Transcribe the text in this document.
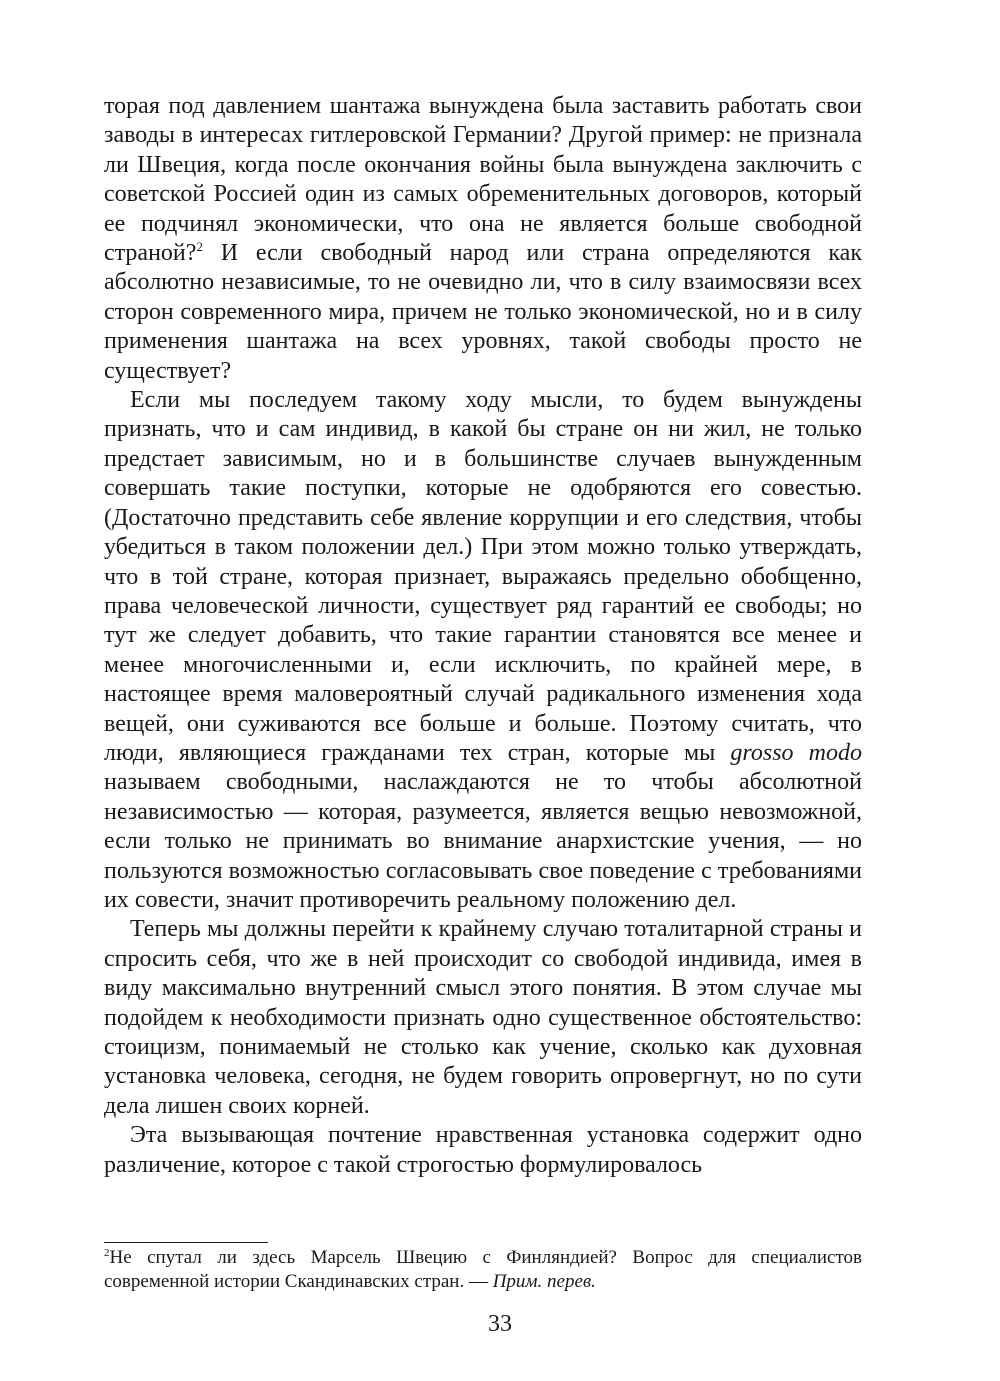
торая под давлением шантажа вынуждена была заставить работать свои заводы в интересах гитлеровской Германии? Другой пример: не признала ли Швеция, когда после окончания войны была вынуждена заключить с советской Россией один из самых обременительных договоров, который ее подчинял экономически, что она не является больше свободной страной?$^2$ И если свободный народ или страна определяются как абсолютно независимые, то не очевидно ли, что в силу взаимосвязи всех сторон современного мира, причем не только экономической, но и в силу применения шантажа на всех уровнях, такой свободы просто не существует?

Если мы последуем такому ходу мысли, то будем вынуждены признать, что и сам индивид, в какой бы стране он ни жил, не только предстает зависимым, но и в большинстве случаев вынужденным совершать такие поступки, которые не одобряются его совестью. (Достаточно представить себе явление коррупции и его следствия, чтобы убедиться в таком положении дел.) При этом можно только утверждать, что в той стране, которая признает, выражаясь предельно обобщенно, права человеческой личности, существует ряд гарантий ее свободы; но тут же следует добавить, что такие гарантии становятся все менее и менее многочисленными и, если исключить, по крайней мере, в настоящее время маловероятный случай радикального изменения хода вещей, они суживаются все больше и больше. Поэтому считать, что люди, являющиеся гражданами тех стран, которые мы grosso modo называем свободными, наслаждаются не то чтобы абсолютной независимостью — которая, разумеется, является вещью невозможной, если только не принимать во внимание анархистские учения, — но пользуются возможностью согласовывать свое поведение с требованиями их совести, значит противоречить реальному положению дел.

Теперь мы должны перейти к крайнему случаю тоталитарной страны и спросить себя, что же в ней происходит со свободой индивида, имея в виду максимально внутренний смысл этого понятия. В этом случае мы подойдем к необходимости признать одно существенное обстоятельство: стоицизм, понимаемый не столько как учение, сколько как духовная установка человека, сегодня, не будем говорить опровергнут, но по сути дела лишен своих корней.

Эта вызывающая почтение нравственная установка содержит одно различение, которое с такой строгостью формулировалось

$^2$Не спутал ли здесь Марсель Швецию с Финляндией? Вопрос для специалистов современной истории Скандинавских стран. — Прим. перев.
33
